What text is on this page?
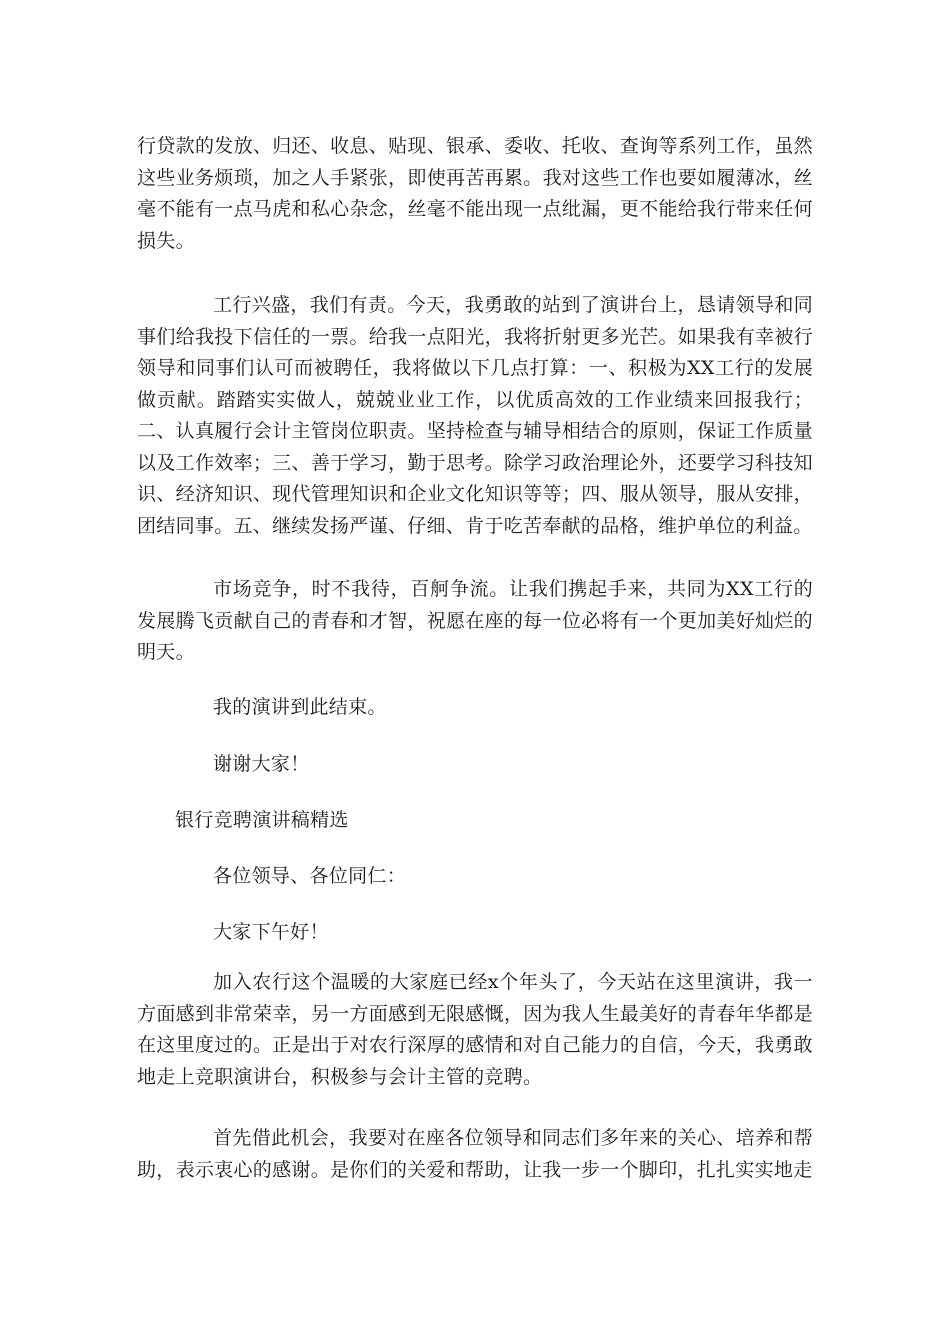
行贷款的发放、归还、收息、贴现、银承、委收、托收、查询等系列工作，虽然这些业务烦琐，加之人手紧张，即使再苦再累。我对这些工作也要如履薄冰，丝毫不能有一点马虎和私心杂念，丝毫不能出现一点纰漏，更不能给我行带来任何损失。

工行兴盛，我们有责。今天，我勇敢的站到了演讲台上，恳请领导和同事们给我投下信任的一票。给我一点阳光，我将折射更多光芒。如果我有幸被行领导和同事们认可而被聘任，我将做以下几点打算：一、积极为XX工行的发展做贡献。踏踏实实做人，兢兢业业工作，以优质高效的工作业绩来回报我行；二、认真履行会计主管岗位职责。坚持检查与辅导相结合的原则，保证工作质量以及工作效率；三、善于学习，勤于思考。除学习政治理论外，还要学习科技知识、经济知识、现代管理知识和企业文化知识等等；四、服从领导，服从安排，团结同事。五、继续发扬严谨、仔细、肯于吃苦奉献的品格，维护单位的利益。

市场竞争，时不我待，百舸争流。让我们携起手来，共同为XX工行的发展腾飞贡献自己的青春和才智，祝愿在座的每一位必将有一个更加美好灿烂的明天。

我的演讲到此结束。

谢谢大家！

银行竞聘演讲稿精选

各位领导、各位同仁：

大家下午好！

加入农行这个温暖的大家庭已经x个年头了，今天站在这里演讲，我一方面感到非常荣幸，另一方面感到无限感慨，因为我人生最美好的青春年华都是在这里度过的。正是出于对农行深厚的感情和对自己能力的自信，今天，我勇敢地走上竞职演讲台，积极参与会计主管的竞聘。

首先借此机会，我要对在座各位领导和同志们多年来的关心、培养和帮助，表示衷心的感谢。是你们的关爱和帮助，让我一步一个脚印，扎扎实实地走
